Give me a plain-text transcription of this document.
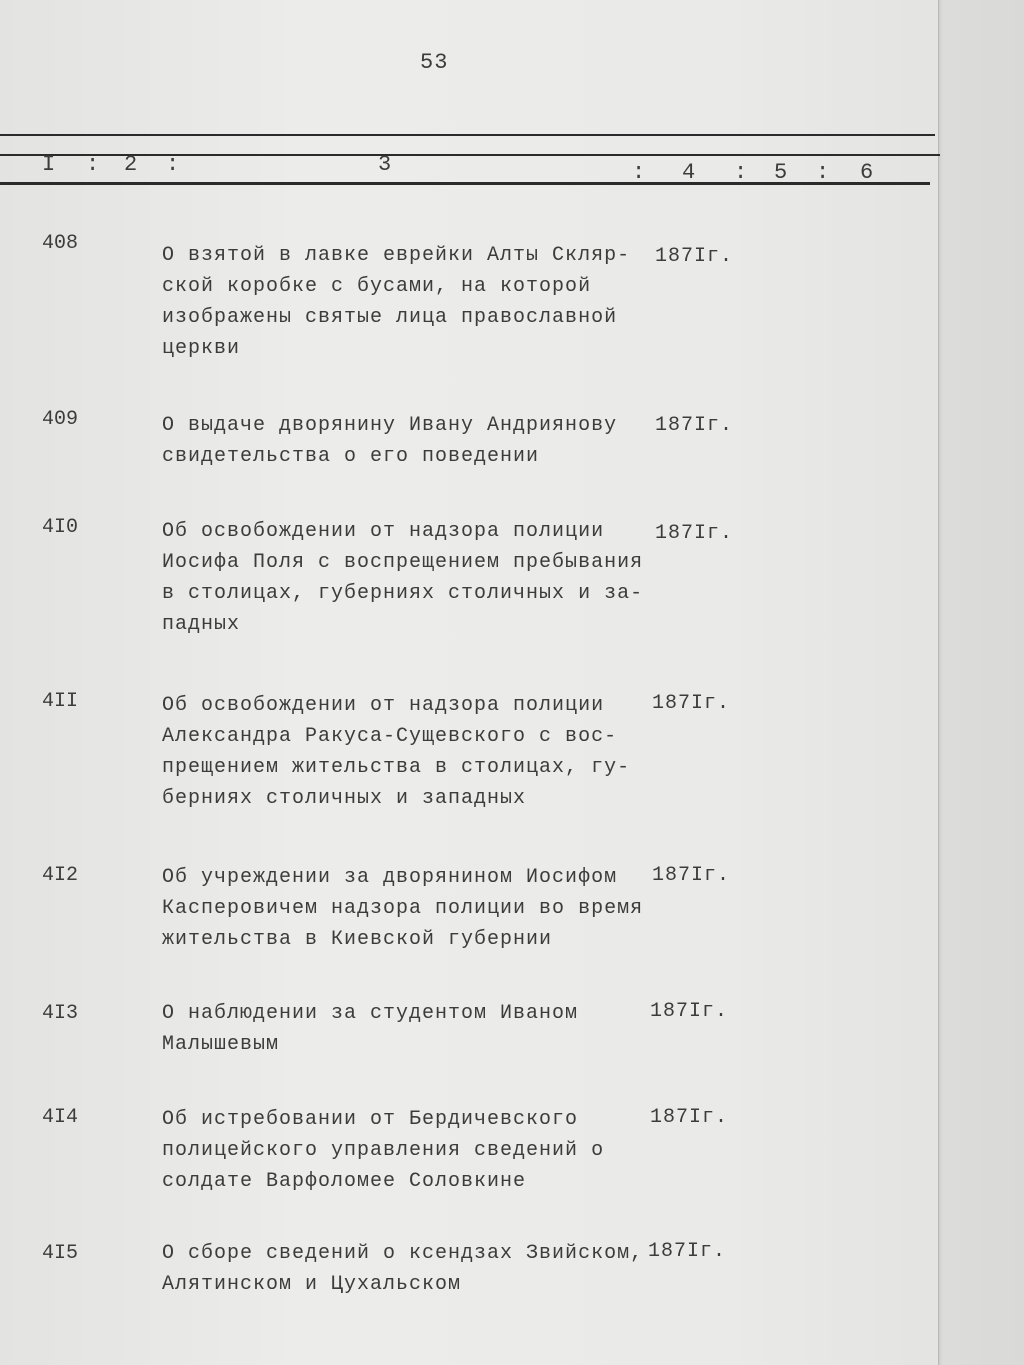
53
I : 2 :	3	: 4 : 5 : 6
408
О взятой в лавке еврейки Алты Скляр-
ской коробке с бусами, на которой
изображены святые лица православной
церкви
187Iг.
409	О выдаче дворянину Ивану Андриянову
свидетельства о его поведении
187Iг.
4I0	Об освобождении от надзора полиции
Иосифа Поля с воспрещением пребывания
в столицах, губерниях столичных и за-
падных
187Iг.
4II	Об освобождении от надзора полиции
Александра Ракуса-Сущевского с вос-
прещением жительства в столицах, гу-
берниях столичных и западных
187Iг.
4I2	Об учреждении за дворянином Иосифом
Касперовичем надзора полиции во время
жительства в Киевской губернии
187Iг.
4I3	О наблюдении за студентом Иваном
Малышевым
187Iг.
4I4	Об истребовании от Бердичевского
полицейского управления сведений о
солдате Варфоломее Соловкине
187Iг.
4I5	О сборе сведений о ксендзах Звийском,
Алятинском и Цухальском
187Iг.
